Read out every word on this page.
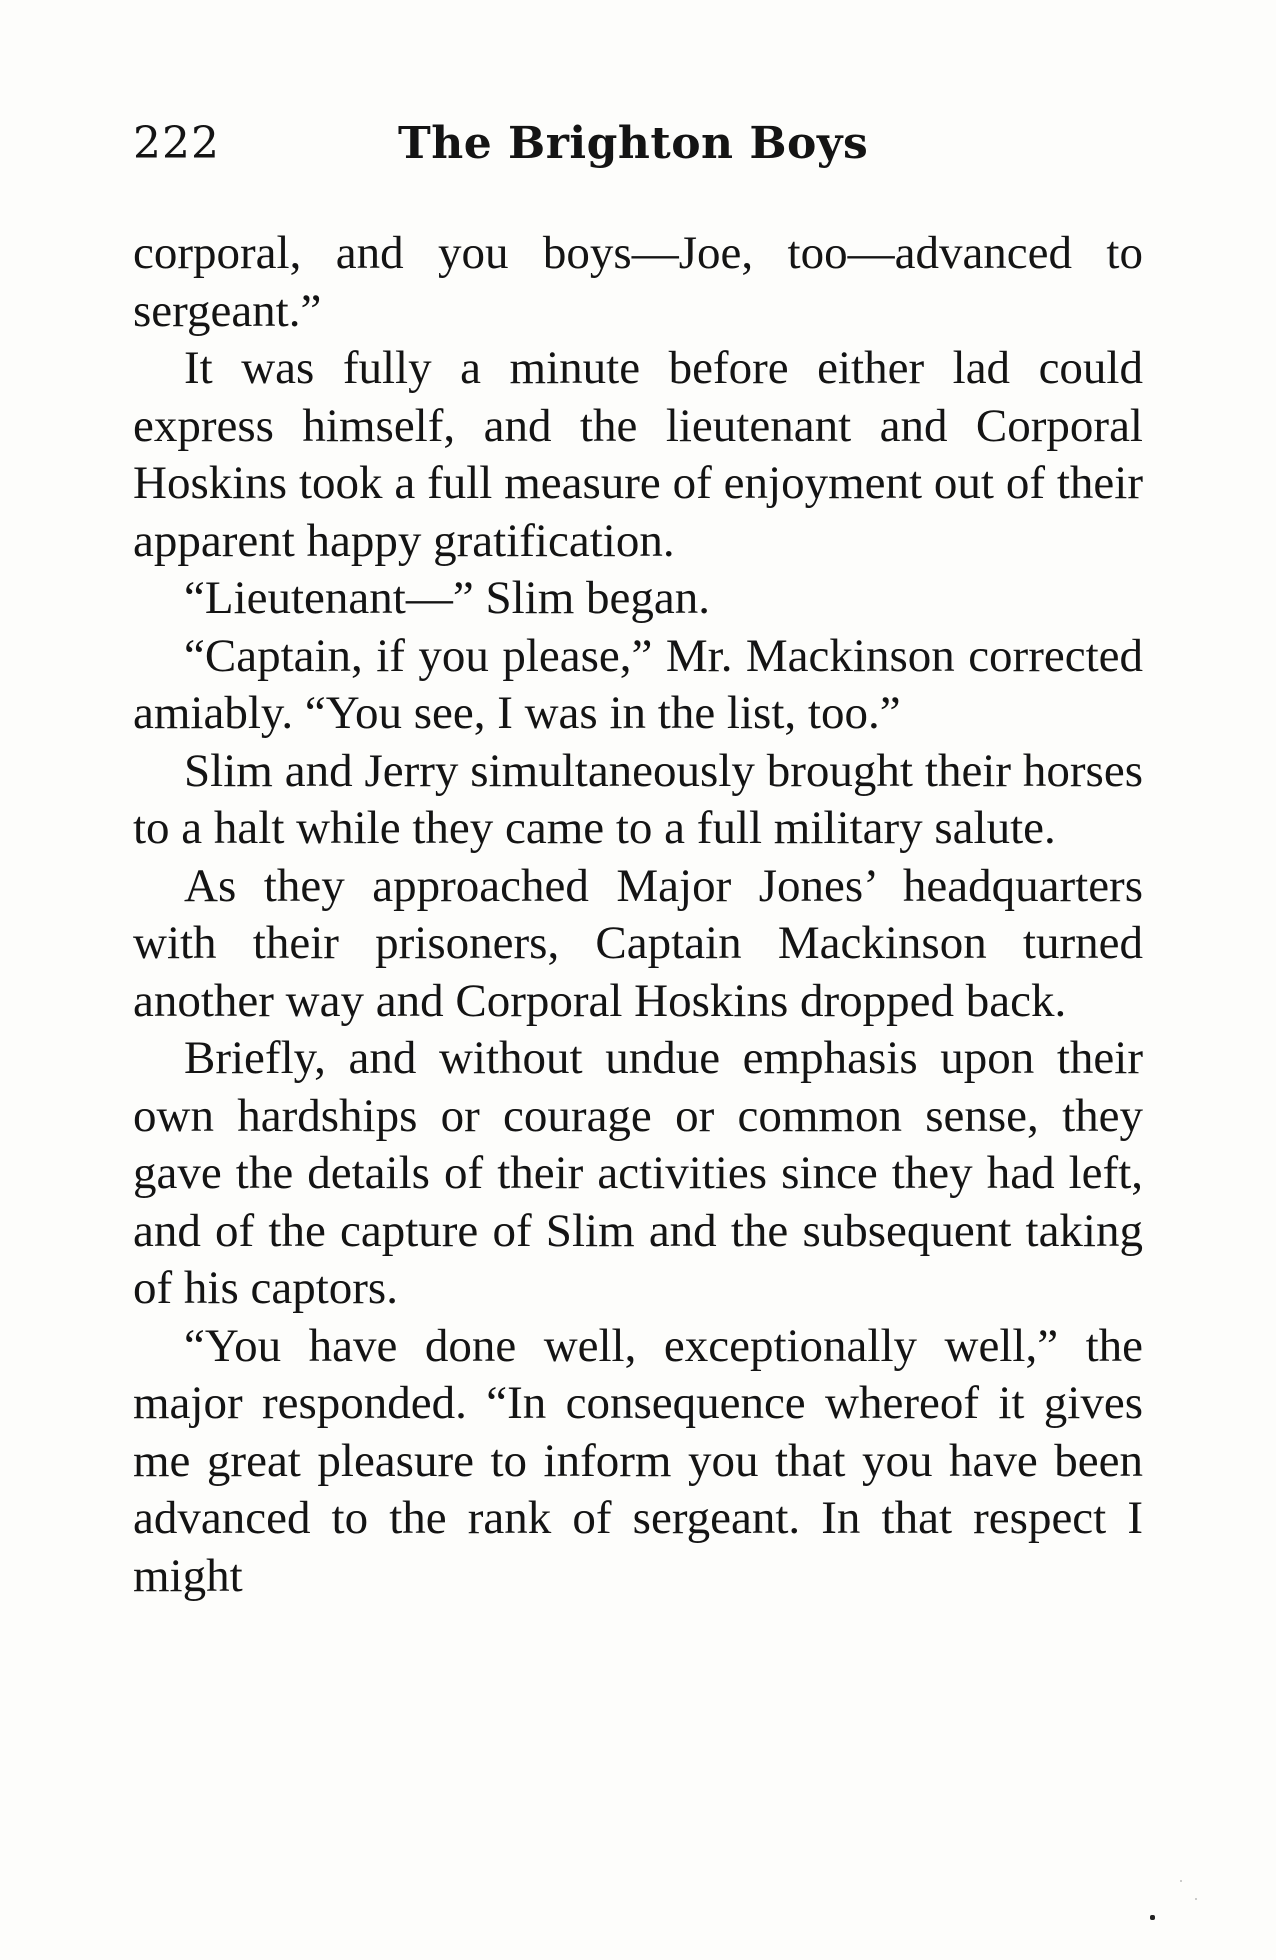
222	The Brighton Boys

corporal, and you boys—Joe, too—advanced to sergeant.”

It was fully a minute before either lad could express himself, and the lieutenant and Corporal Hoskins took a full measure of enjoyment out of their apparent happy gratification.

“Lieutenant—” Slim began.

“Captain, if you please,” Mr. Mackinson corrected amiably. “You see, I was in the list, too.”

Slim and Jerry simultaneously brought their horses to a halt while they came to a full military salute.

As they approached Major Jones’ headquarters with their prisoners, Captain Mackinson turned another way and Corporal Hoskins dropped back.

Briefly, and without undue emphasis upon their own hardships or courage or common sense, they gave the details of their activities since they had left, and of the capture of Slim and the subsequent taking of his captors.

“You have done well, exceptionally well,” the major responded. “In consequence whereof it gives me great pleasure to inform you that you have been advanced to the rank of sergeant. In that respect I might
